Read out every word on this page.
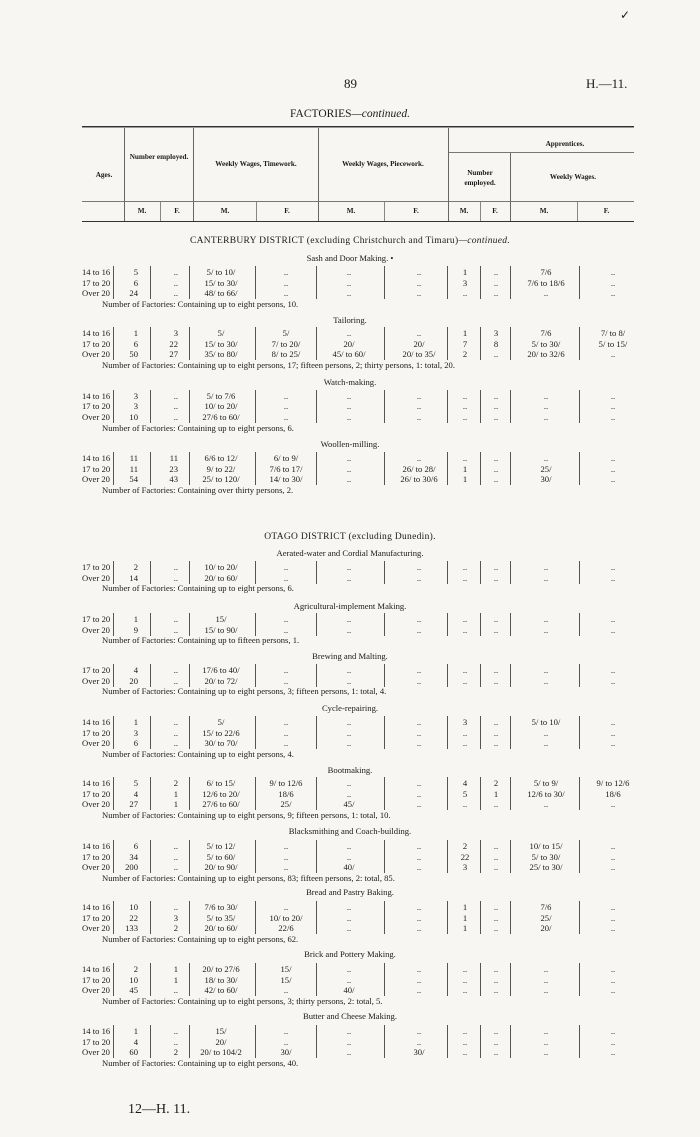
✓
89	H.—11.
FACTORIES—continued.
Ages.
Number employed.
Weekly Wages, Timework.	Weekly Wages, Piecework.
Apprentices.
Number employed.
Weekly Wages.
M.	F.	M.	F.	M.	F.	M.	F.	M.	F.
CANTERBURY DISTRICT (excluding Christchurch and Timaru)—continued.
OTAGO DISTRICT (excluding Dunedin).
Sash and Door Making. •
14 to 16	5	..	5/ to 10/	..	..	..	1	..	7/6	..
17 to 20	6	..	15/ to 30/	..	..	..	3	..	7/6 to 18/6	..
Over 20	24	..	48/ to 66/	..	..	..	..	..	..	..
Number of Factories: Containing up to eight persons, 10.
Tailoring.
14 to 16	1	3	5/	5/	..	..	1	3	7/6	7/ to 8/
17 to 20	6	22	15/ to 30/	7/ to 20/	20/	20/	7	8	5/ to 30/	5/ to 15/
Over 20	50	27	35/ to 80/	8/ to 25/	45/ to 60/	20/ to 35/	2	..	20/ to 32/6	..
Number of Factories: Containing up to eight persons, 17; fifteen persons, 2; thirty persons, 1: total, 20.
Watch-making.
14 to 16	3	..	5/ to 7/6	..	..	..	..	..	..	..
17 to 20	3	..	10/ to 20/	..	..	..	..	..	..	..
Over 20	10	..	27/6 to 60/	..	..	..	..	..	..	..
Number of Factories: Containing up to eight persons, 6.
Woollen-milling.
14 to 16	11	11	6/6 to 12/	6/ to 9/	..	..	..	..	..	..
17 to 20	11	23	9/ to 22/	7/6 to 17/	..	26/ to 28/	1	..	25/	..
Over 20	54	43	25/ to 120/	14/ to 30/	..	26/ to 30/6	1	..	30/	..
Number of Factories: Containing over thirty persons, 2.
Aerated-water and Cordial Manufacturing.
17 to 20	2	..	10/ to 20/	..	..	..	..	..	..	..
Over 20	14	..	20/ to 60/	..	..	..	..	..	..	..
Number of Factories: Containing up to eight persons, 6.
Agricultural-implement Making.
17 to 20	1	..	15/	..	..	..	..	..	..	..
Over 20	9	..	15/ to 90/	..	..	..	..	..	..	..
Number of Factories: Containing up to fifteen persons, 1.
Brewing and Malting.
17 to 20	4	..	17/6 to 40/	..	..	..	..	..	..	..
Over 20	20	..	20/ to 72/	..	..	..	..	..	..	..
Number of Factories: Containing up to eight persons, 3; fifteen persons, 1: total, 4.
Cycle-repairing.
14 to 16	1	..	5/	..	..	..	3	..	5/ to 10/	..
17 to 20	3	..	15/ to 22/6	..	..	..	..	..	..	..
Over 20	6	..	30/ to 70/	..	..	..	..	..	..	..
Number of Factories: Containing up to eight persons, 4.
Bootmaking.
14 to 16	5	2	6/ to 15/	9/ to 12/6	..	..	4	2	5/ to 9/	9/ to 12/6
17 to 20	4	1	12/6 to 20/	18/6	..	..	5	1	12/6 to 30/	18/6
Over 20	27	1	27/6 to 60/	25/	45/	..	..	..	..	..
Number of Factories: Containing up to eight persons, 9; fifteen persons, 1: total, 10.
Blacksmithing and Coach-building.
14 to 16	6	..	5/ to 12/	..	..	..	2	..	10/ to 15/	..
17 to 20	34	..	5/ to 60/	..	..	..	22	..	5/ to 30/	..
Over 20	200	..	20/ to 90/	..	40/	..	3	..	25/ to 30/	..
Number of Factories: Containing up to eight persons, 83; fifteen persons, 2: total, 85.
Bread and Pastry Baking.
14 to 16	10	..	7/6 to 30/	..	..	..	1	..	7/6	..
17 to 20	22	3	5/ to 35/	10/ to 20/	..	..	1	..	25/	..
Over 20	133	2	20/ to 60/	22/6	..	..	1	..	20/	..
Number of Factories: Containing up to eight persons, 62.
Brick and Pottery Making.
14 to 16	2	1	20/ to 27/6	15/	..	..	..	..	..	..
17 to 20	10	1	18/ to 30/	15/	..	..	..	..	..	..
Over 20	45	..	42/ to 60/	..	40/	..	..	..	..	..
Number of Factories: Containing up to eight persons, 3; thirty persons, 2: total, 5.
Butter and Cheese Making.
14 to 16	1	..	15/	..	..	..	..	..	..	..
17 to 20	4	..	20/	..	..	..	..	..	..	..
Over 20	60	2	20/ to 104/2	30/	..	30/	..	..	..	..
Number of Factories: Containing up to eight persons, 40.
12—H. 11.
